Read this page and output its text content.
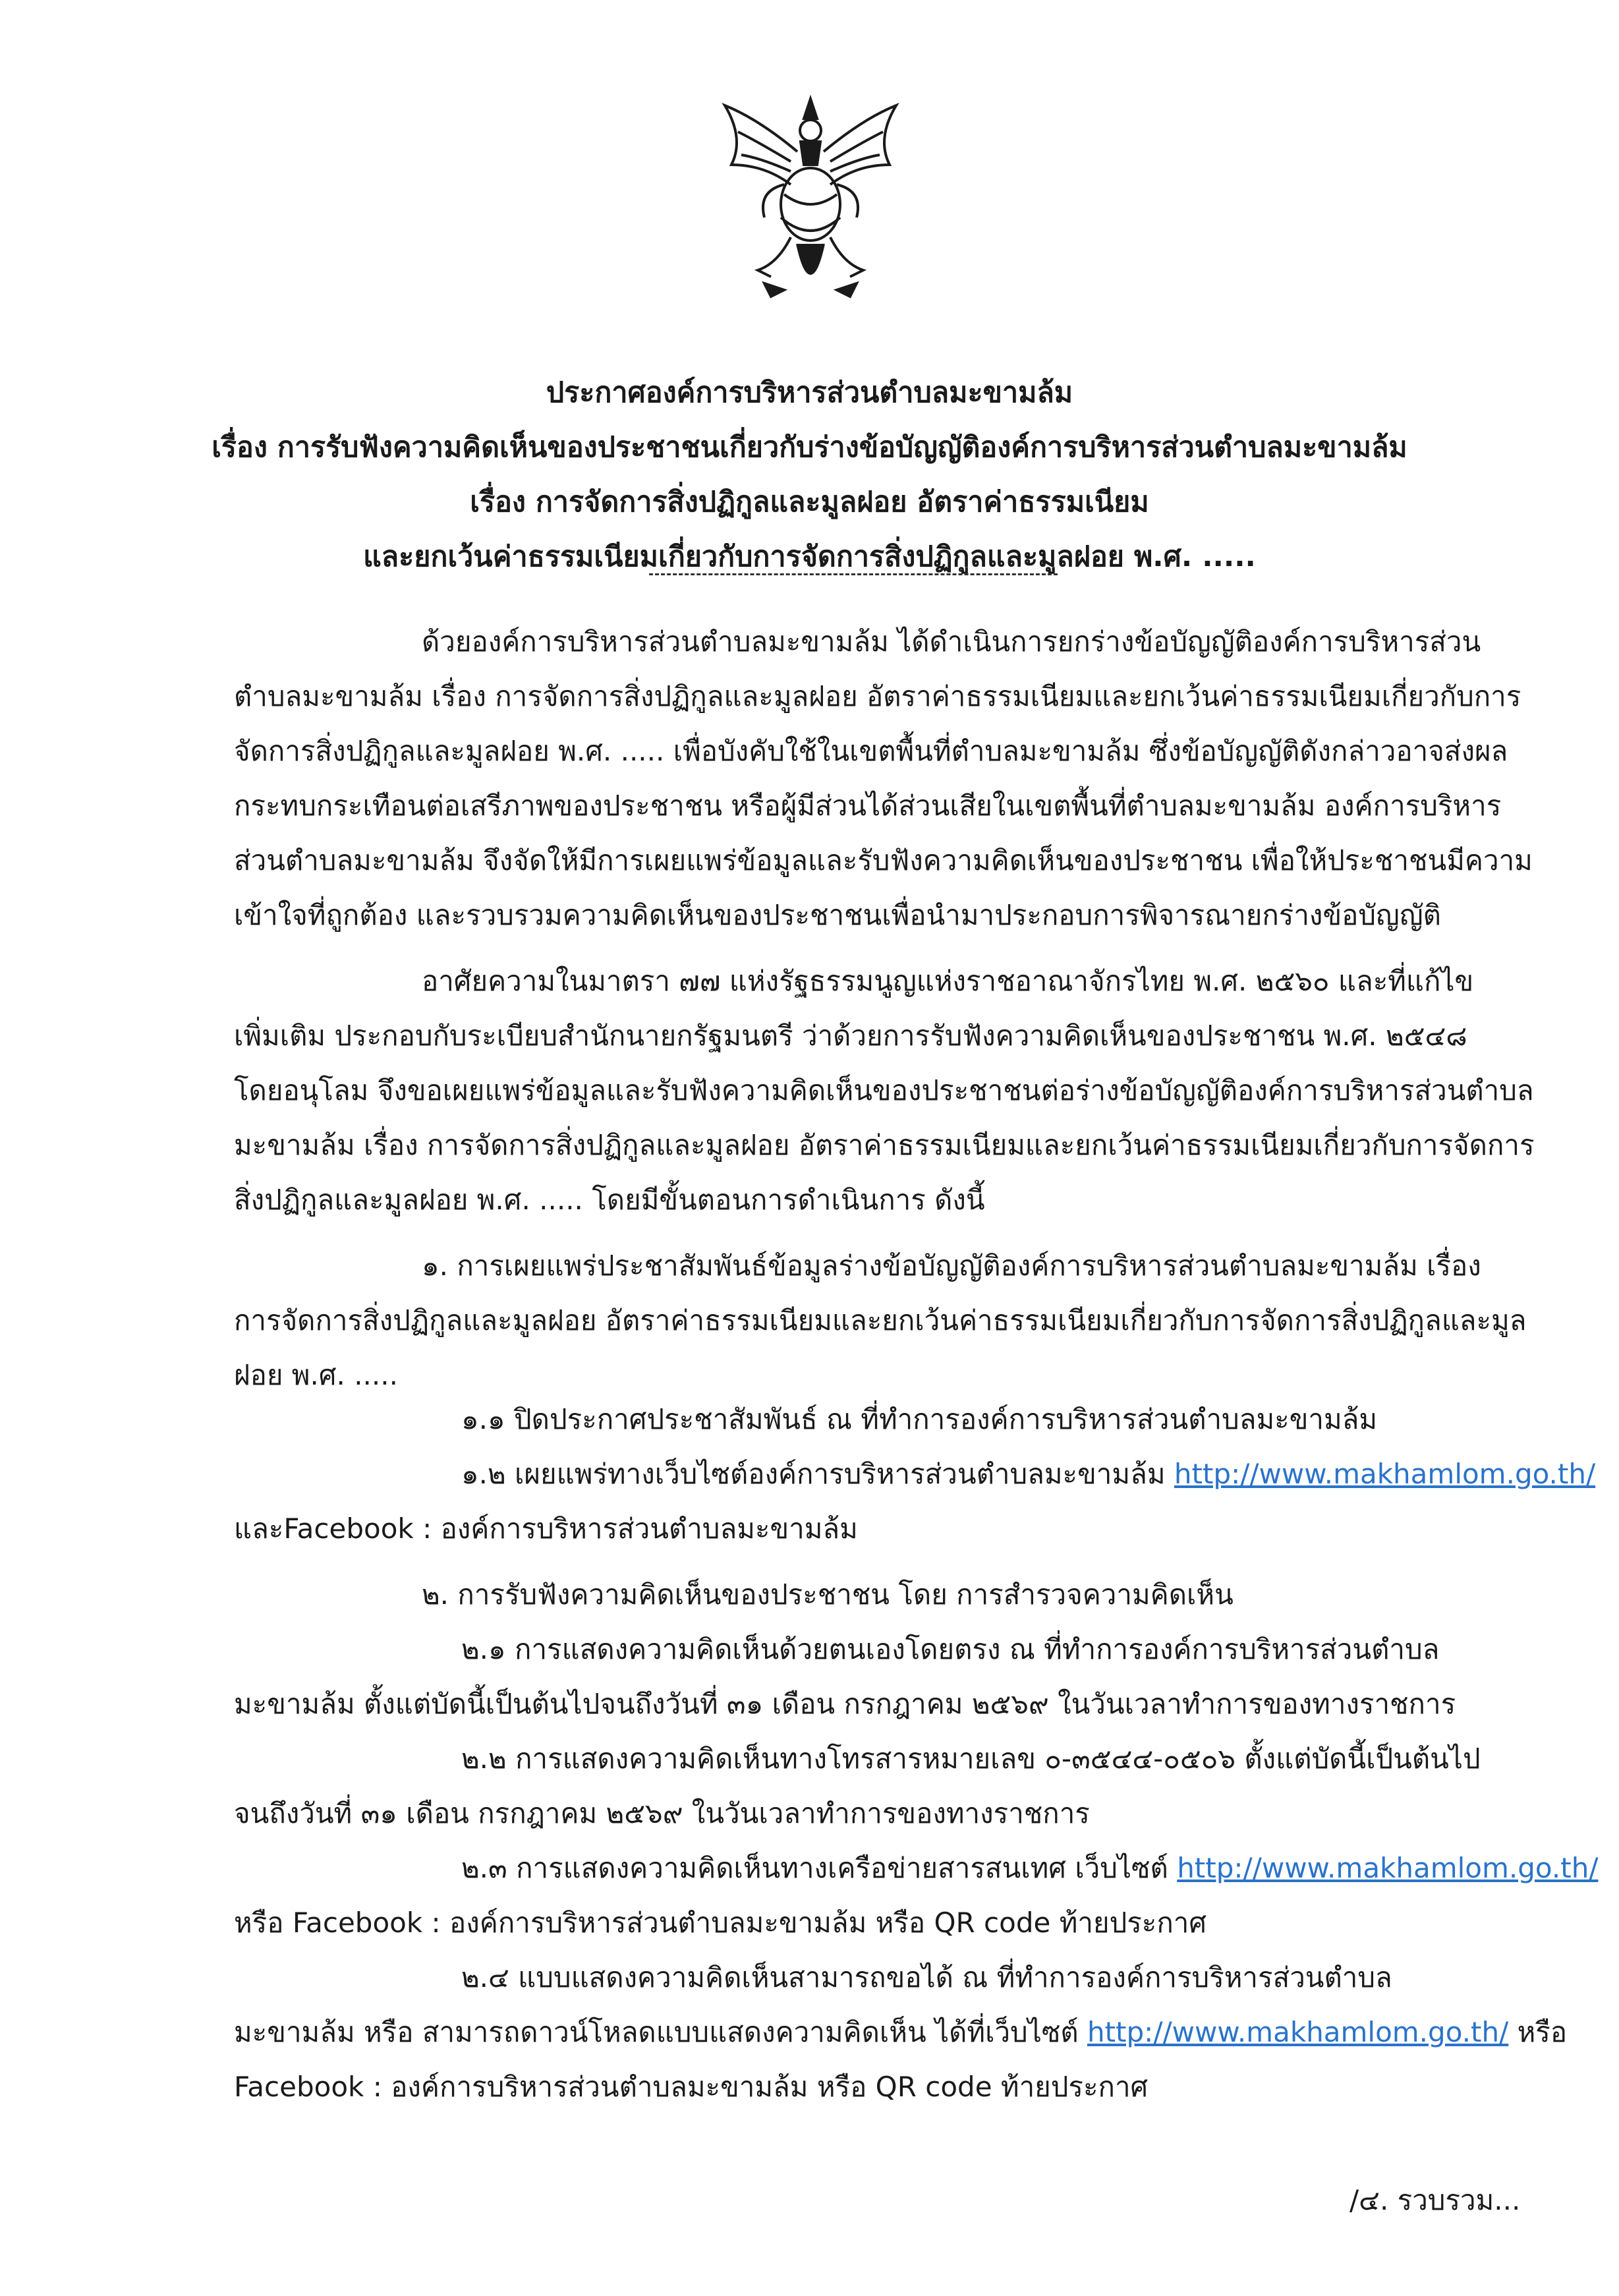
ประกาศองค์การบริหารส่วนตำบลมะขามล้ม
เรื่อง การรับฟังความคิดเห็นของประชาชนเกี่ยวกับร่างข้อบัญญัติองค์การบริหารส่วนตำบลมะขามล้ม
เรื่อง การจัดการสิ่งปฏิกูลและมูลฝอย อัตราค่าธรรมเนียม
และยกเว้นค่าธรรมเนียมเกี่ยวกับการจัดการสิ่งปฏิกูลและมูลฝอย พ.ศ. .....
ด้วยองค์การบริหารส่วนตำบลมะขามล้ม ได้ดำเนินการยกร่างข้อบัญญัติองค์การบริหารส่วน
ตำบลมะขามล้ม เรื่อง การจัดการสิ่งปฏิกูลและมูลฝอย อัตราค่าธรรมเนียมและยกเว้นค่าธรรมเนียมเกี่ยวกับการ
จัดการสิ่งปฏิกูลและมูลฝอย พ.ศ. ..... เพื่อบังคับใช้ในเขตพื้นที่ตำบลมะขามล้ม ซึ่งข้อบัญญัติดังกล่าวอาจส่งผล
กระทบกระเทือนต่อเสรีภาพของประชาชน หรือผู้มีส่วนได้ส่วนเสียในเขตพื้นที่ตำบลมะขามล้ม องค์การบริหาร
ส่วนตำบลมะขามล้ม จึงจัดให้มีการเผยแพร่ข้อมูลและรับฟังความคิดเห็นของประชาชน เพื่อให้ประชาชนมีความ
เข้าใจที่ถูกต้อง และรวบรวมความคิดเห็นของประชาชนเพื่อนำมาประกอบการพิจารณายกร่างข้อบัญญัติ
อาศัยความในมาตรา ๗๗ แห่งรัฐธรรมนูญแห่งราชอาณาจักรไทย พ.ศ. ๒๕๖๐ และที่แก้ไข
เพิ่มเติม ประกอบกับระเบียบสำนักนายกรัฐมนตรี ว่าด้วยการรับฟังความคิดเห็นของประชาชน พ.ศ. ๒๕๔๘
โดยอนุโลม จึงขอเผยแพร่ข้อมูลและรับฟังความคิดเห็นของประชาชนต่อร่างข้อบัญญัติองค์การบริหารส่วนตำบล
มะขามล้ม เรื่อง การจัดการสิ่งปฏิกูลและมูลฝอย อัตราค่าธรรมเนียมและยกเว้นค่าธรรมเนียมเกี่ยวกับการจัดการ
สิ่งปฏิกูลและมูลฝอย พ.ศ. ..... โดยมีขั้นตอนการดำเนินการ ดังนี้
๑. การเผยแพร่ประชาสัมพันธ์ข้อมูลร่างข้อบัญญัติองค์การบริหารส่วนตำบลมะขามล้ม เรื่อง
การจัดการสิ่งปฏิกูลและมูลฝอย อัตราค่าธรรมเนียมและยกเว้นค่าธรรมเนียมเกี่ยวกับการจัดการสิ่งปฏิกูลและมูล
ฝอย พ.ศ. .....
๑.๑ ปิดประกาศประชาสัมพันธ์ ณ ที่ทำการองค์การบริหารส่วนตำบลมะขามล้ม
๑.๒ เผยแพร่ทางเว็บไซต์องค์การบริหารส่วนตำบลมะขามล้ม http://www.makhamlom.go.th/
และFacebook : องค์การบริหารส่วนตำบลมะขามล้ม
๒. การรับฟังความคิดเห็นของประชาชน โดย การสำรวจความคิดเห็น
๒.๑ การแสดงความคิดเห็นด้วยตนเองโดยตรง ณ ที่ทำการองค์การบริหารส่วนตำบล
มะขามล้ม ตั้งแต่บัดนี้เป็นต้นไปจนถึงวันที่ ๓๑ เดือน กรกฎาคม ๒๕๖๙ ในวันเวลาทำการของทางราชการ
๒.๒ การแสดงความคิดเห็นทางโทรสารหมายเลข ๐-๓๕๔๔-๐๕๐๖ ตั้งแต่บัดนี้เป็นต้นไป
จนถึงวันที่ ๓๑ เดือน กรกฎาคม ๒๕๖๙ ในวันเวลาทำการของทางราชการ
๒.๓ การแสดงความคิดเห็นทางเครือข่ายสารสนเทศ เว็บไซต์ http://www.makhamlom.go.th/
หรือ Facebook : องค์การบริหารส่วนตำบลมะขามล้ม หรือ QR code ท้ายประกาศ
๒.๔ แบบแสดงความคิดเห็นสามารถขอได้ ณ ที่ทำการองค์การบริหารส่วนตำบล
มะขามล้ม หรือ สามารถดาวน์โหลดแบบแสดงความคิดเห็น ได้ที่เว็บไซต์ http://www.makhamlom.go.th/ หรือ
Facebook : องค์การบริหารส่วนตำบลมะขามล้ม หรือ QR code ท้ายประกาศ
/๔. รวบรวม...
